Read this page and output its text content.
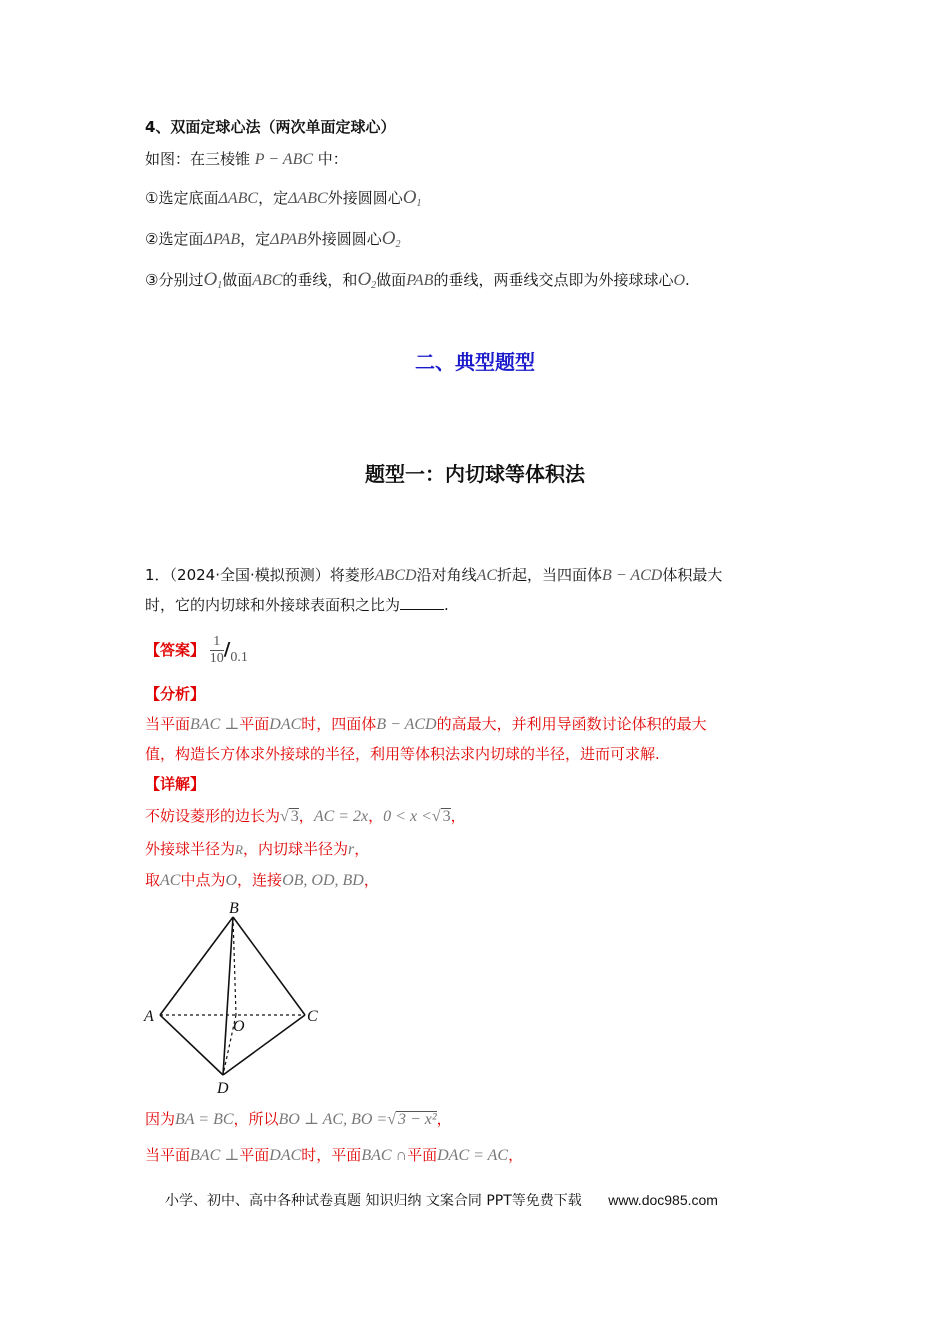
4、双面定球心法（两次单面定球心）
如图：在三棱锥 P − ABC 中：
①选定底面ΔABC，定ΔABC外接圆圆心$O_1$
②选定面ΔPAB，定ΔPAB外接圆圆心$O_2$
③分别过$O_1$做面ABC的垂线，和$O_2$做面PAB的垂线，两垂线交点即为外接球球心O.
二、典型题型
题型一：内切球等体积法
1．（2024·全国·模拟预测）将菱形ABCD沿对角线AC折起，当四面体B − ACD体积最大
时，它的内切球和外接球表面积之比为	.
【答案】 $\frac{1}{10} /0.1$
【分析】
当平面BAC ⊥平面DAC时，四面体B − ACD的高最大，并利用导函数讨论体积的最大
值，构造长方体求外接球的半径，利用等体积法求内切球的半径，进而可求解.
【详解】
不妨设菱形的边长为√ 3，AC = 2x，0 < x <√ 3，
外接球半径为R，内切球半径为r，
取AC中点为O，连接OB, OD, BD，
B
A	C
O
D
因为BA = BC，所以BO ⊥ AC, BO =√ 3 − x²，
当平面BAC ⊥平面DAC时，平面BAC ∩平面DAC = AC，
小学、初中、高中各种试卷真题 知识归纳 文案合同 PPT等免费下载 www.doc985.com
